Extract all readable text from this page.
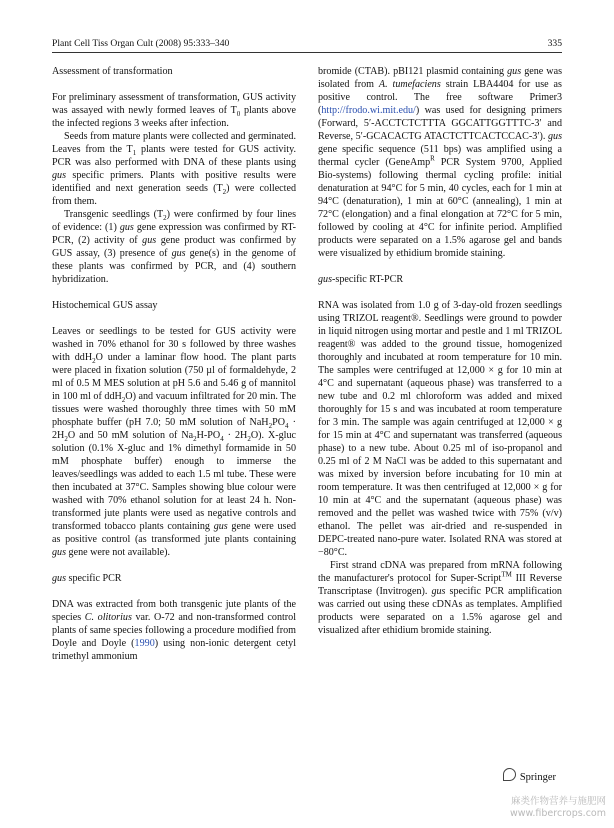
Plant Cell Tiss Organ Cult (2008) 95:333–340	335

Assessment of transformation

For preliminary assessment of transformation, GUS activity was assayed with newly formed leaves of $T_0$ plants above the infected regions 3 weeks after infection.

Seeds from mature plants were collected and germinated. Leaves from the $T_1$ plants were tested for GUS activity. PCR was also performed with DNA of these plants using gus specific primers. Plants with positive results were identified and next generation seeds $(T_2)$ were collected from them.

Transgenic seedlings $(T_2)$ were confirmed by four lines of evidence: (1) gus gene expression was confirmed by RT-PCR, (2) activity of gus gene product was confirmed by GUS assay, (3) presence of gus gene(s) in the genome of these plants was confirmed by PCR, and (4) southern hybridization.

Histochemical GUS assay

Leaves or seedlings to be tested for GUS activity were washed in 70% ethanol for 30 s followed by three washes with ddH$_2$O under a laminar flow hood. The plant parts were placed in fixation solution (750 µl of formaldehyde, 2 ml of 0.5 M MES solution at pH 5.6 and 5.46 g of mannitol in 100 ml of ddH$_2$O) and vacuum infiltrated for 20 min. The tissues were washed thoroughly three times with 50 mM phosphate buffer (pH 7.0; 50 mM solution of $NaH_2PO_4 \cdot 2H_2O$ and 50 mM solution of $Na_2H-PO_4 \cdot 2H_2O$). X-gluc solution (0.1% X-gluc and 1% dimethyl formamide in 50 mM phosphate buffer) enough to immerse the leaves/seedlings was added to each 1.5 ml tube. These were then incubated at 37°C. Samples showing blue colour were washed with 70% ethanol solution for at least 24 h. Non-transformed jute plants were used as negative controls and transformed tobacco plants containing gus gene were used as positive control (as transformed jute plants containing gus gene were not available).

gus specific PCR

DNA was extracted from both transgenic jute plants of the species C. olitorius var. O-72 and non-transformed control plants of same species following a procedure modified from Doyle and Doyle (1990) using non-ionic detergent cetyl trimethyl ammonium

bromide (CTAB). pBI121 plasmid containing gus gene was isolated from A. tumefaciens strain LBA4404 for use as positive control. The free software Primer3 (http://frodo.wi.mit.edu/) was used for designing primers (Forward, 5′-ACCTCTCTTTA GGCATTGGTTTC-3′ and Reverse, 5′-GCACACTG ATACTCTTCACTCCAC-3′). gus gene specific sequence (511 bps) was amplified using a thermal cycler (GeneAmp$^R$ PCR System 9700, Applied Bio-systems) following thermal cycling profile: initial denaturation at 94°C for 5 min, 40 cycles, each for 1 min at 94°C (denaturation), 1 min at 60°C (annealing), 1 min at 72°C (elongation) and a final elongation at 72°C for 5 min, followed by cooling at 4°C for infinite period. Amplified products were separated on a 1.5% agarose gel and bands were visualized by ethidium bromide staining.

gus-specific RT-PCR

RNA was isolated from 1.0 g of 3-day-old frozen seedlings using TRIZOL reagent®. Seedlings were ground to powder in liquid nitrogen using mortar and pestle and 1 ml TRIZOL reagent® was added to the ground tissue, homogenized thoroughly and incubated at room temperature for 10 min. The samples were centrifuged at 12,000 × g for 10 min at 4°C and supernatant (aqueous phase) was transferred to a new tube and 0.2 ml chloroform was added and mixed thoroughly for 15 s and was incubated at room temperature for 3 min. The sample was again centrifuged at 12,000 × g for 15 min at 4°C and supernatant was transferred (aqueous phase) to a new tube. About 0.25 ml of iso-propanol and 0.25 ml of 2 M NaCl was be added to this supernatant and was mixed by inversion before incubating for 10 min at room temperature. It was then centrifuged at 12,000 × g for 10 min at 4°C and the supernatant (aqueous phase) was removed and the pellet was washed twice with 75% (v/v) ethanol. The pellet was air-dried and re-suspended in DEPC-treated nano-pure water. Isolated RNA was stored at −80°C.

First strand cDNA was prepared from mRNA following the manufacturer's protocol for Super-Script™ III Reverse Transcriptase (Invitrogen). gus specific PCR amplification was carried out using these cDNAs as templates. Amplified products were separated on a 1.5% agarose gel and visualized after ethidium bromide staining.

Springer
麻类作物营养与施肥网
www.fibercrops.com
